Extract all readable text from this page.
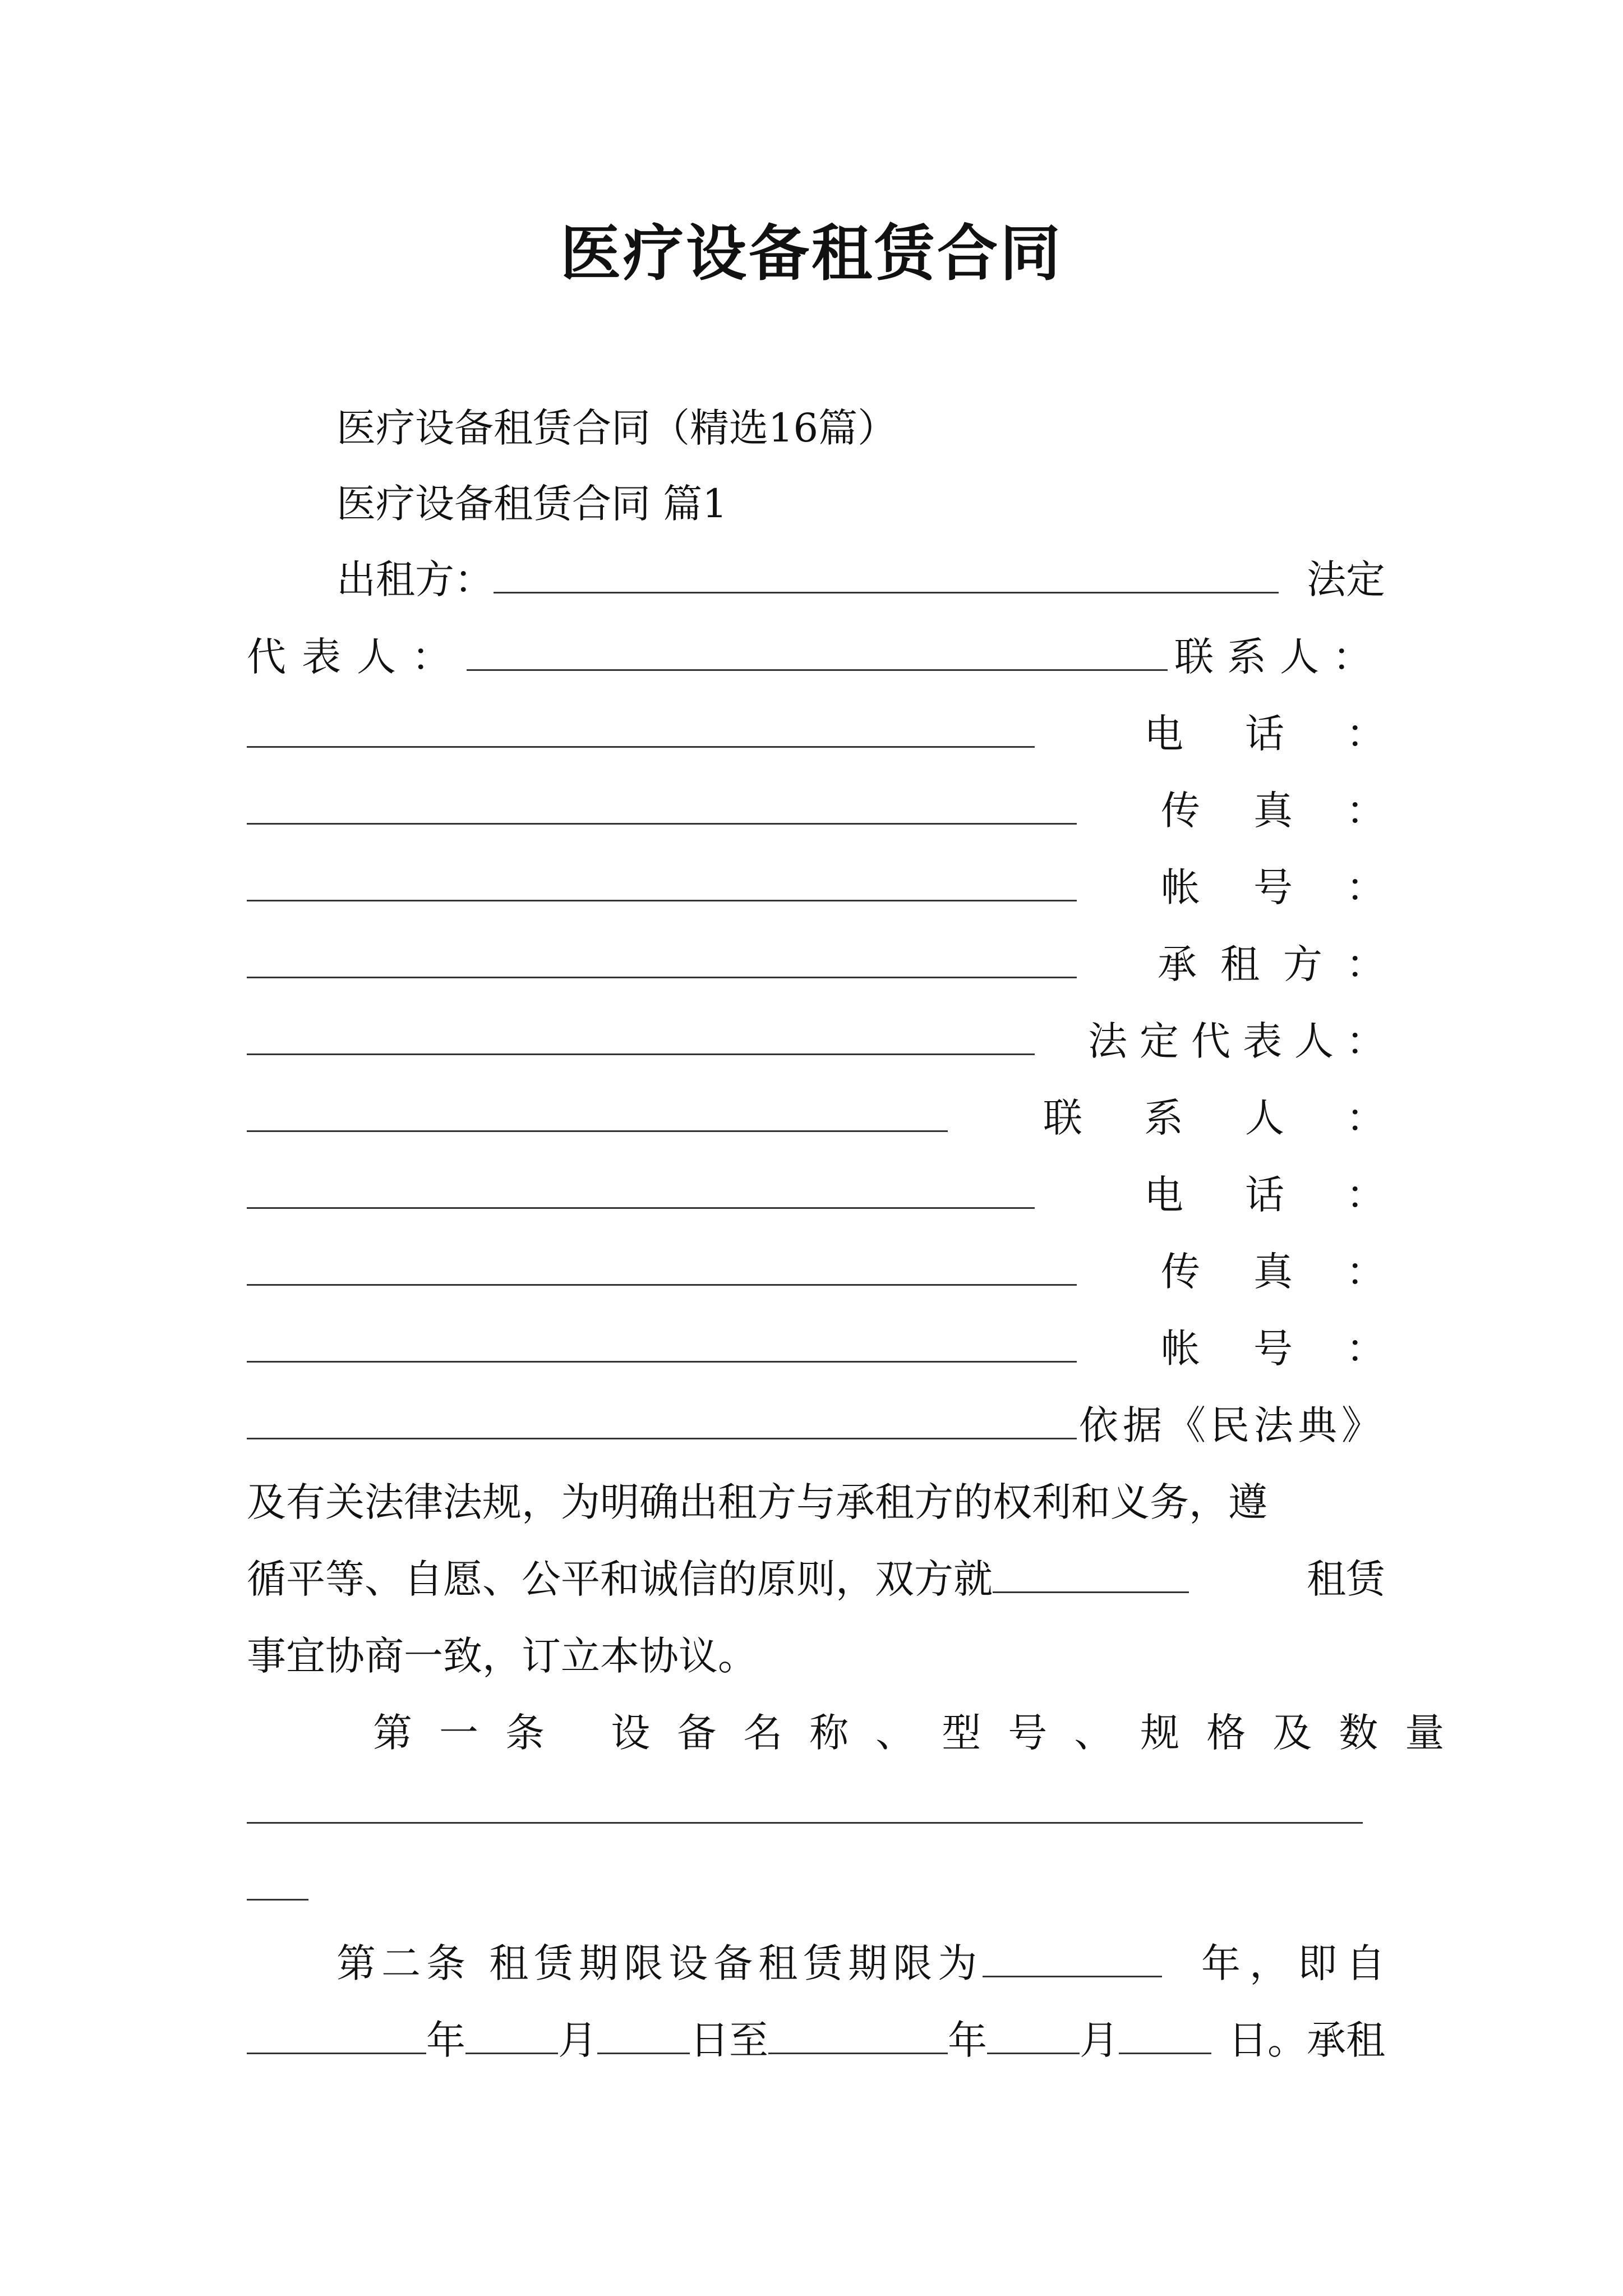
医疗设备租赁合同
医疗设备租赁合同（精选16篇）
医疗设备租赁合同 篇1
出租方：	法定
代表人：	联系人：
电话：
传真：
帐号：
承租方：
法定代表人：
联系人：
电话：
传真：
帐号：
依据《民法典》
及有关法律法规，为明确出租方与承租方的权利和义务，遵
循平等、自愿、公平和诚信的原则，双方就	租赁
事宜协商一致，订立本协议。
第一条 设备名称、型号、规格及数量
第二条 租赁期限设备租赁期限为	年，即自
年 月 日至	年 月	日。承租
